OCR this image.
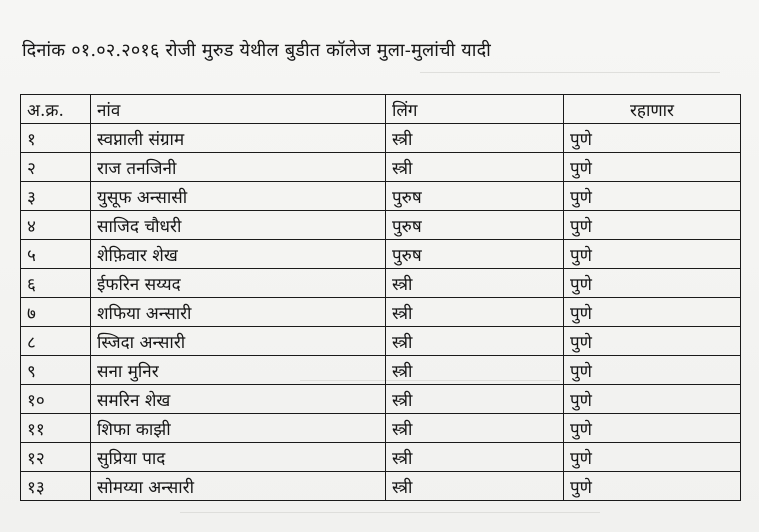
दिनांक ०१.०२.२०१६ रोजी मुरुड येथील बुडीत कॉलेज मुला-मुलांची यादी
अ.क्र.	नांव	लिंग	रहाणार
१	स्वप्नाली संग्राम	स्त्री	पुणे
२	राज तनजिनी	स्त्री	पुणे
३	युसूफ अन्सासी	पुरुष	पुणे
४	साजिद चौधरी	पुरुष	पुणे
५	शेफ़िवार शेख	पुरुष	पुणे
६	ईफरिन सय्यद	स्त्री	पुणे
७	शफिया अन्सारी	स्त्री	पुणे
८	स्जिदा अन्सारी	स्त्री	पुणे
९	सना मुनिर	स्त्री	पुणे
१०	समरिन शेख	स्त्री	पुणे
११	शिफा काझी	स्त्री	पुणे
१२	सुप्रिया पाद	स्त्री	पुणे
१३	सोमय्या अन्सारी	स्त्री	पुणे
